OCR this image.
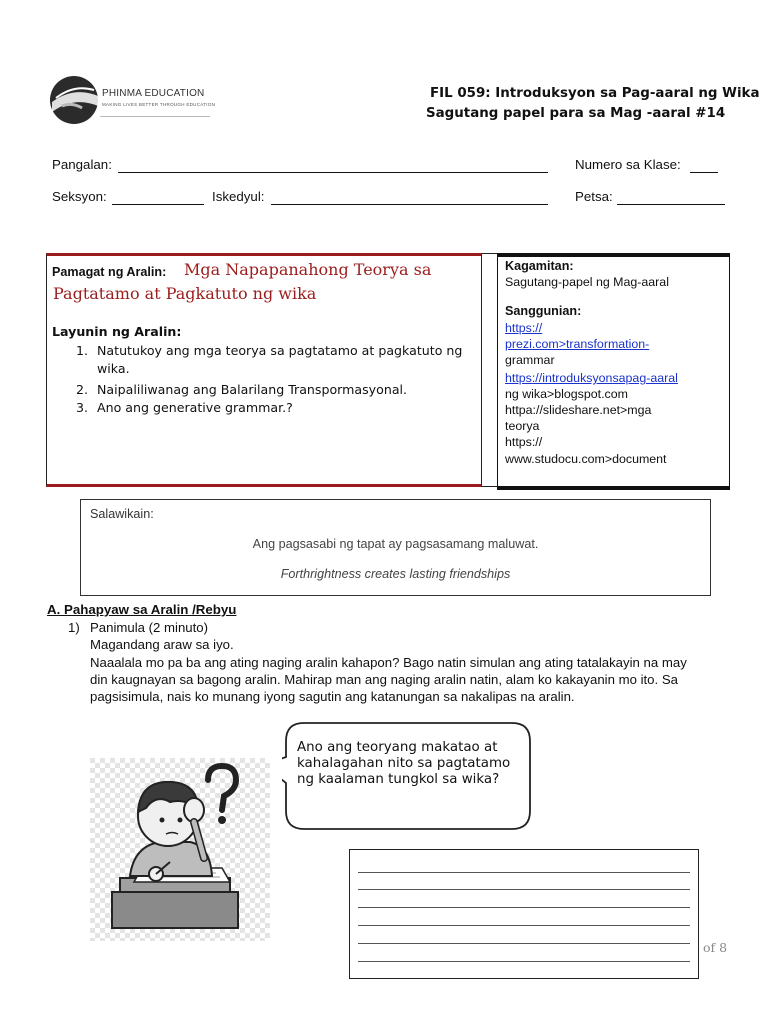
PHINMA EDUCATION
MAKING LIVES BETTER THROUGH EDUCATION
FIL 059: Introduksyon sa Pag-aaral ng Wika
Sagutang papel para sa Mag -aaral #14
Pangalan:	Numero sa Klase:
Seksyon:	Iskedyul:	Petsa:
Pamagat ng Aralin: Mga Napapanahong Teorya sa
Pagtatamo at Pagkatuto ng wika
Layunin ng Aralin:
1. Natutukoy ang mga teorya sa pagtatamo at pagkatuto ng
wika.
2. Naipaliliwanag ang Balarilang Transpormasyonal.
3. Ano ang generative grammar.?
Kagamitan:
Sagutang-papel ng Mag-aaral
Sanggunian:
https://
prezi.com>transformation-
grammar
https://introduksyonsapag-aaral
ng wika>blogspot.com
httpa://slideshare.net>mga
teorya
https://
www.studocu.com>document
Salawikain:
Ang pagsasabi ng tapat ay pagsasamang maluwat.
Forthrightness creates lasting friendships
A. Pahapyaw sa Aralin /Rebyu
1) Panimula (2 minuto)
Magandang araw sa iyo.
Naaalala mo pa ba ang ating naging aralin kahapon? Bago natin simulan ang ating tatalakayin na may
din kaugnayan sa bagong aralin. Mahirap man ang naging aralin natin, alam ko kakayanin mo ito. Sa
pagsisimula, nais ko munang iyong sagutin ang katanungan sa nakalipas na aralin.
Ano ang teoryang makatao at
kahalagahan nito sa pagtatamo
ng kaalaman tungkol sa wika?
of 8
